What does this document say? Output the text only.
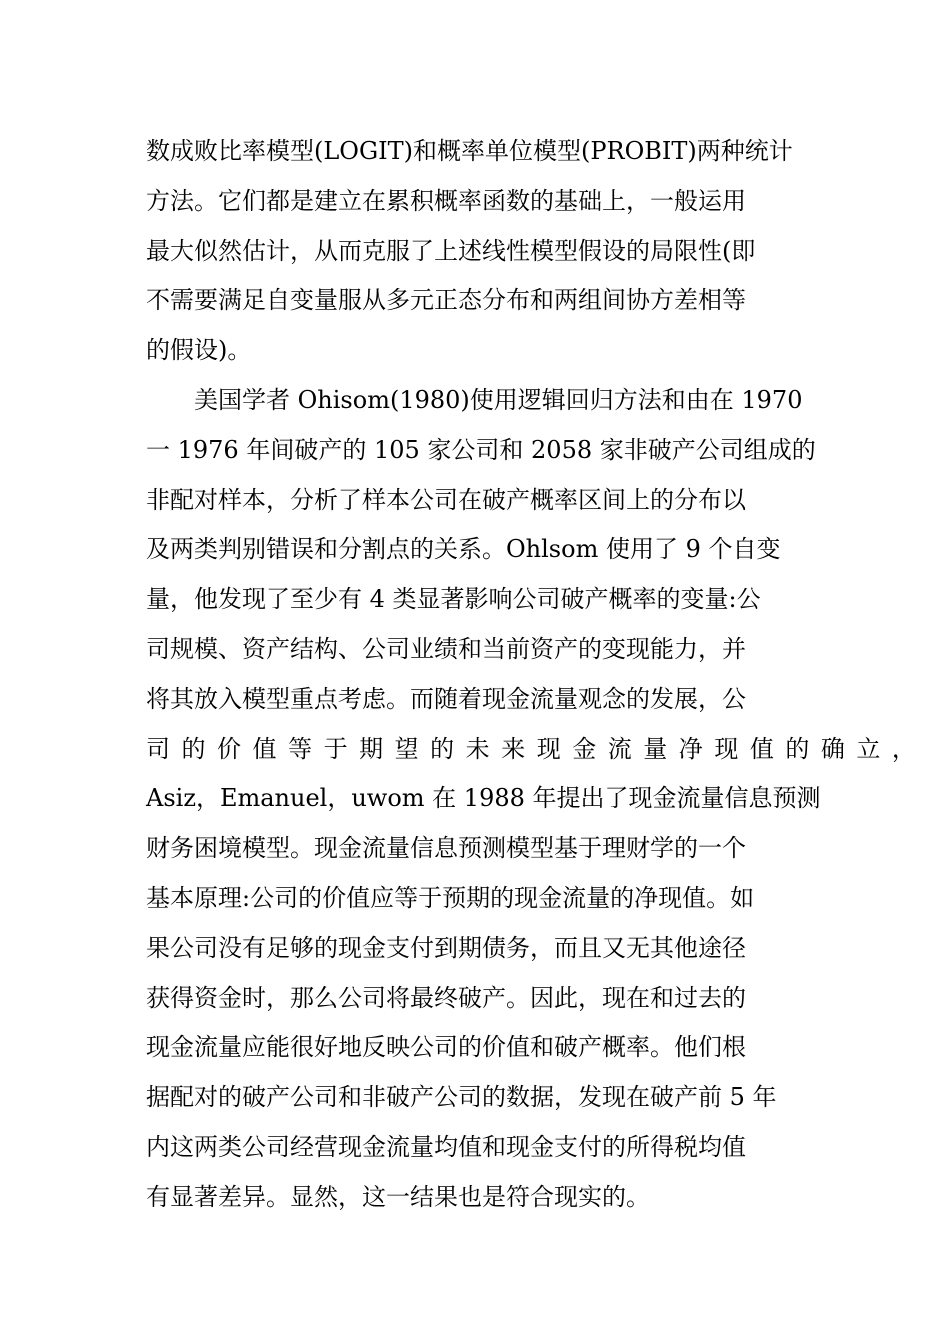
数成败比率模型(LOGIT)和概率单位模型(PROBIT)两种统计
方法。它们都是建立在累积概率函数的基础上，一般运用
最大似然估计，从而克服了上述线性模型假设的局限性(即
不需要满足自变量服从多元正态分布和两组间协方差相等
的假设)。
美国学者 Ohisom(1980)使用逻辑回归方法和由在 1970
一 1976 年间破产的 105 家公司和 2058 家非破产公司组成的
非配对样本，分析了样本公司在破产概率区间上的分布以
及两类判别错误和分割点的关系。Ohlsom 使用了 9 个自变
量，他发现了至少有 4 类显著影响公司破产概率的变量:公
司规模、资产结构、公司业绩和当前资产的变现能力，并
将其放入模型重点考虑。而随着现金流量观念的发展，公
司的价值等于期望的未来现金流量净现值的确立，
Asiz，Emanuel，uwom 在 1988 年提出了现金流量信息预测
财务困境模型。现金流量信息预测模型基于理财学的一个
基本原理:公司的价值应等于预期的现金流量的净现值。如
果公司没有足够的现金支付到期债务，而且又无其他途径
获得资金时，那么公司将最终破产。因此，现在和过去的
现金流量应能很好地反映公司的价值和破产概率。他们根
据配对的破产公司和非破产公司的数据，发现在破产前 5 年
内这两类公司经营现金流量均值和现金支付的所得税均值
有显著差异。显然，这一结果也是符合现实的。
